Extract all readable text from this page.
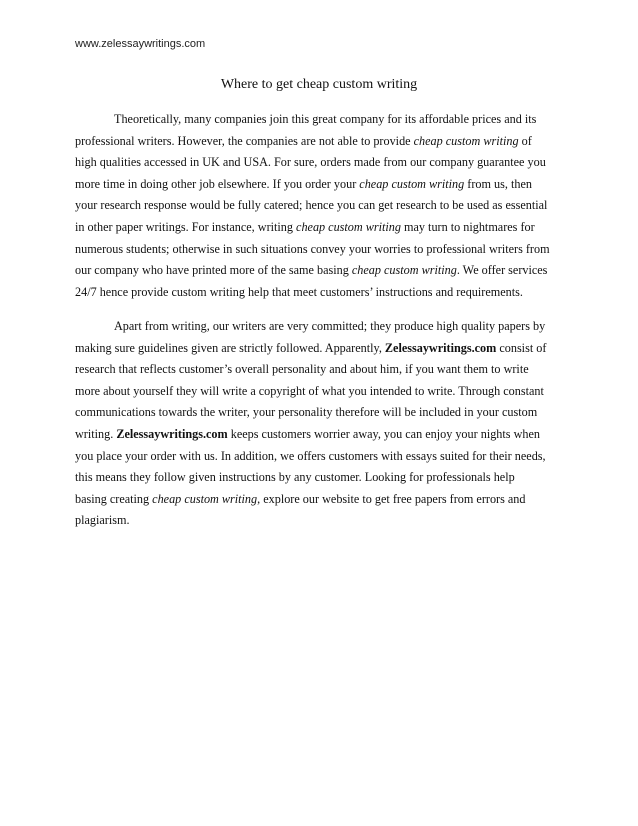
www.zelessaywritings.com
Where to get cheap custom writing
Theoretically, many companies join this great company for its affordable prices and its
professional writers. However, the companies are not able to provide cheap custom writing of
high qualities accessed in UK and USA. For sure, orders made from our company guarantee you
more time in doing other job elsewhere. If you order your cheap custom writing from us, then
your research response would be fully catered; hence you can get research to be used as essential
in other paper writings. For instance, writing cheap custom writing may turn to nightmares for
numerous students; otherwise in such situations convey your worries to professional writers from
our company who have printed more of the same basing cheap custom writing. We offer services
24/7 hence provide custom writing help that meet customers’ instructions and requirements.
Apart from writing, our writers are very committed; they produce high quality papers by
making sure guidelines given are strictly followed. Apparently, Zelessaywritings.com consist of
research that reflects customer’s overall personality and about him, if you want them to write
more about yourself they will write a copyright of what you intended to write. Through constant
communications towards the writer, your personality therefore will be included in your custom
writing. Zelessaywritings.com keeps customers worrier away, you can enjoy your nights when
you place your order with us. In addition, we offers customers with essays suited for their needs,
this means they follow given instructions by any customer. Looking for professionals help
basing creating cheap custom writing, explore our website to get free papers from errors and
plagiarism.
